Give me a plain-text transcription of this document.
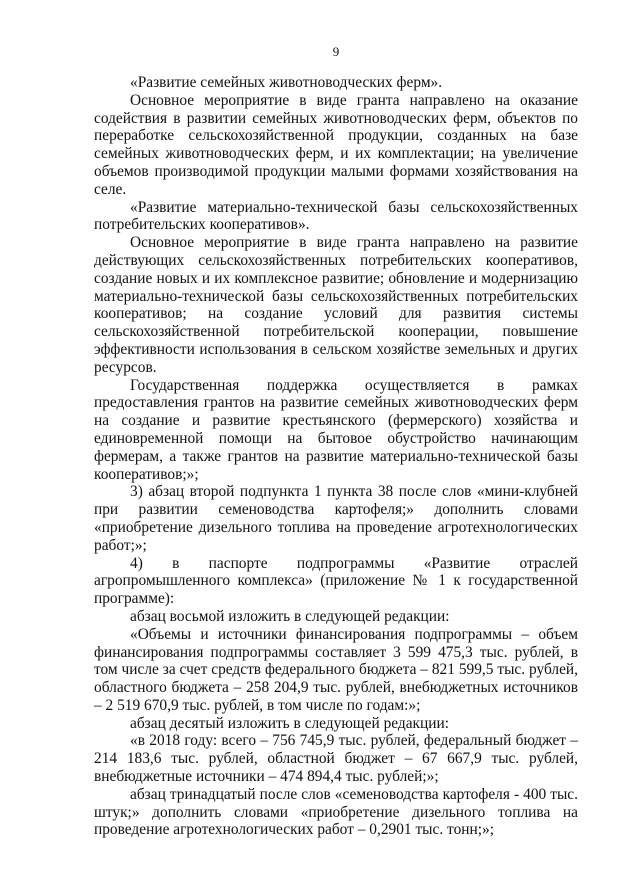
9

«Развитие семейных животноводческих ферм».

Основное мероприятие в виде гранта направлено на оказание содействия в развитии семейных животноводческих ферм, объектов по переработке сельскохозяйственной продукции, созданных на базе семейных животноводческих ферм, и их комплектации; на увеличение объемов производимой продукции малыми формами хозяйствования на селе.

«Развитие материально-технической базы сельскохозяйственных потребительских кооперативов».

Основное мероприятие в виде гранта направлено на развитие действующих сельскохозяйственных потребительских кооперативов, создание новых и их комплексное развитие; обновление и модернизацию материально-технической базы сельскохозяйственных потребительских кооперативов; на создание условий для развития системы сельскохозяйственной потребительской кооперации, повышение эффективности использования в сельском хозяйстве земельных и других ресурсов.

Государственная поддержка осуществляется в рамках предоставления грантов на развитие семейных животноводческих ферм на создание и развитие крестьянского (фермерского) хозяйства и единовременной помощи на бытовое обустройство начинающим фермерам, а также грантов на развитие материально-технической базы кооперативов;»;

3) абзац второй подпункта 1 пункта 38 после слов «мини-клубней при развитии семеноводства картофеля;» дополнить словами «приобретение дизельного топлива на проведение агротехнологических работ;»;

4) в паспорте подпрограммы «Развитие отраслей агропромышленного комплекса» (приложение № 1 к государственной программе):

абзац восьмой изложить в следующей редакции:

«Объемы и источники финансирования подпрограммы – объем финансирования подпрограммы составляет 3 599 475,3 тыс. рублей, в том числе за счет средств федерального бюджета – 821 599,5 тыс. рублей, областного бюджета – 258 204,9 тыс. рублей, внебюджетных источников – 2 519 670,9 тыс. рублей, в том числе по годам:»;

абзац десятый изложить в следующей редакции:

«в 2018 году: всего – 756 745,9 тыс. рублей, федеральный бюджет – 214 183,6 тыс. рублей, областной бюджет – 67 667,9 тыс. рублей, внебюджетные источники – 474 894,4 тыс. рублей;»;

абзац тринадцатый после слов «семеноводства картофеля - 400 тыс. штук;» дополнить словами «приобретение дизельного топлива на проведение агротехнологических работ – 0,2901 тыс. тонн;»;
